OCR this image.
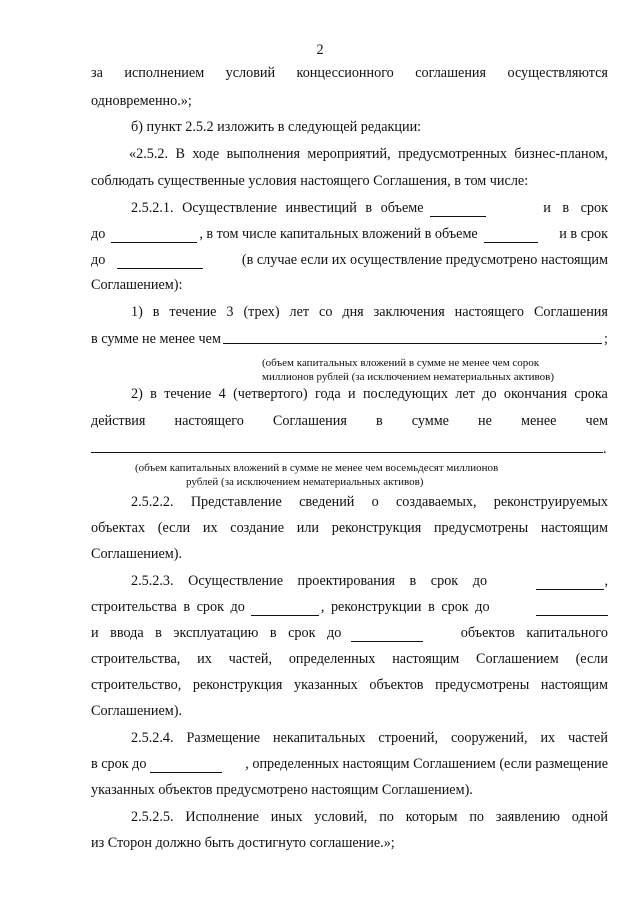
2
за исполнением условий концессионного соглашения осуществляются
одновременно.»;
б) пункт 2.5.2 изложить в следующей редакции:
«2.5.2. В ходе выполнения мероприятий, предусмотренных бизнес-планом,
соблюдать существенные условия настоящего Соглашения, в том числе:
2.5.2.1. Осуществление инвестиций в объеме	и в срок
до	, в том числе капитальных вложений в объеме	и в срок
до	(в случае если их осуществление предусмотрено настоящим
Соглашением):
1) в течение 3 (трех) лет со дня заключения настоящего Соглашения
в сумме не менее чем	;
(объем капитальных вложений в сумме не менее чем сорок
миллионов рублей (за исключением нематериальных активов)
2) в течение 4 (четвертого) года и последующих лет до окончания срока
действия настоящего Соглашения в сумме не менее чем
.
(объем капитальных вложений в сумме не менее чем восемьдесят миллионов
рублей (за исключением нематериальных активов)
2.5.2.2. Представление сведений о создаваемых, реконструируемых
объектах (если их создание или реконструкция предусмотрены настоящим
Соглашением).
2.5.2.3. Осуществление проектирования в срок до	,
строительства в срок до	, реконструкции в срок до
и ввода в эксплуатацию в срок до	объектов капитального
строительства, их частей, определенных настоящим Соглашением (если
строительство, реконструкция указанных объектов предусмотрены настоящим
Соглашением).
2.5.2.4. Размещение некапитальных строений, сооружений, их частей
в срок до	, определенных настоящим Соглашением (если размещение
указанных объектов предусмотрено настоящим Соглашением).
2.5.2.5. Исполнение иных условий, по которым по заявлению одной
из Сторон должно быть достигнуто соглашение.»;
